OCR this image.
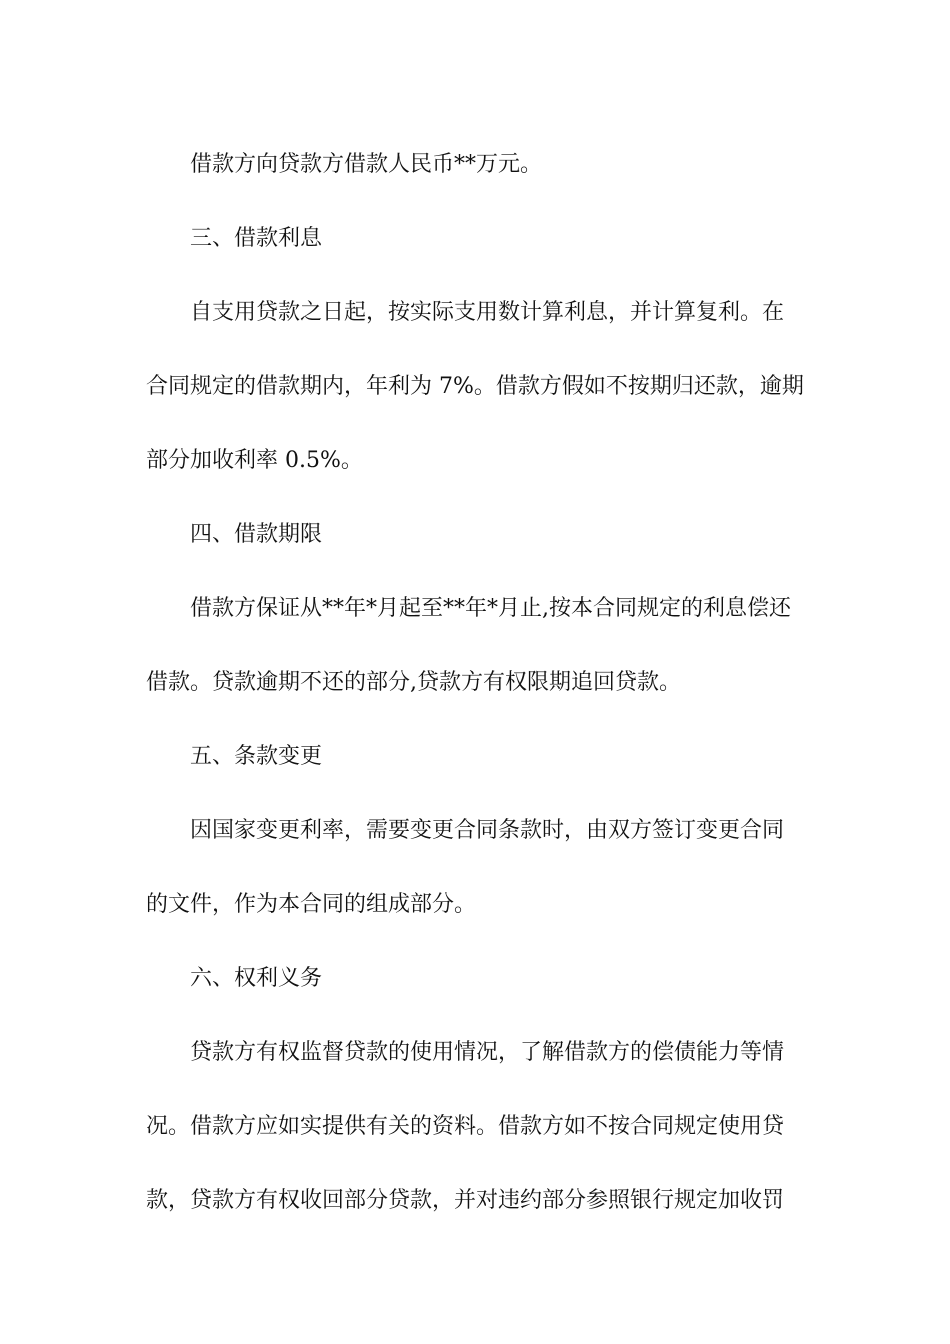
借款方向贷款方借款人民币**万元。
三、借款利息
自支用贷款之日起，按实际支用数计算利息，并计算复利。在
合同规定的借款期内，年利为 7%。借款方假如不按期归还款，逾期
部分加收利率 0.5%。
四、借款期限
借款方保证从**年*月起至**年*月止,按本合同规定的利息偿还
借款。贷款逾期不还的部分,贷款方有权限期追回贷款。
五、条款变更
因国家变更利率，需要变更合同条款时，由双方签订变更合同
的文件，作为本合同的组成部分。
六、权利义务
贷款方有权监督贷款的使用情况，了解借款方的偿债能力等情
况。借款方应如实提供有关的资料。借款方如不按合同规定使用贷
款，贷款方有权收回部分贷款，并对违约部分参照银行规定加收罚
